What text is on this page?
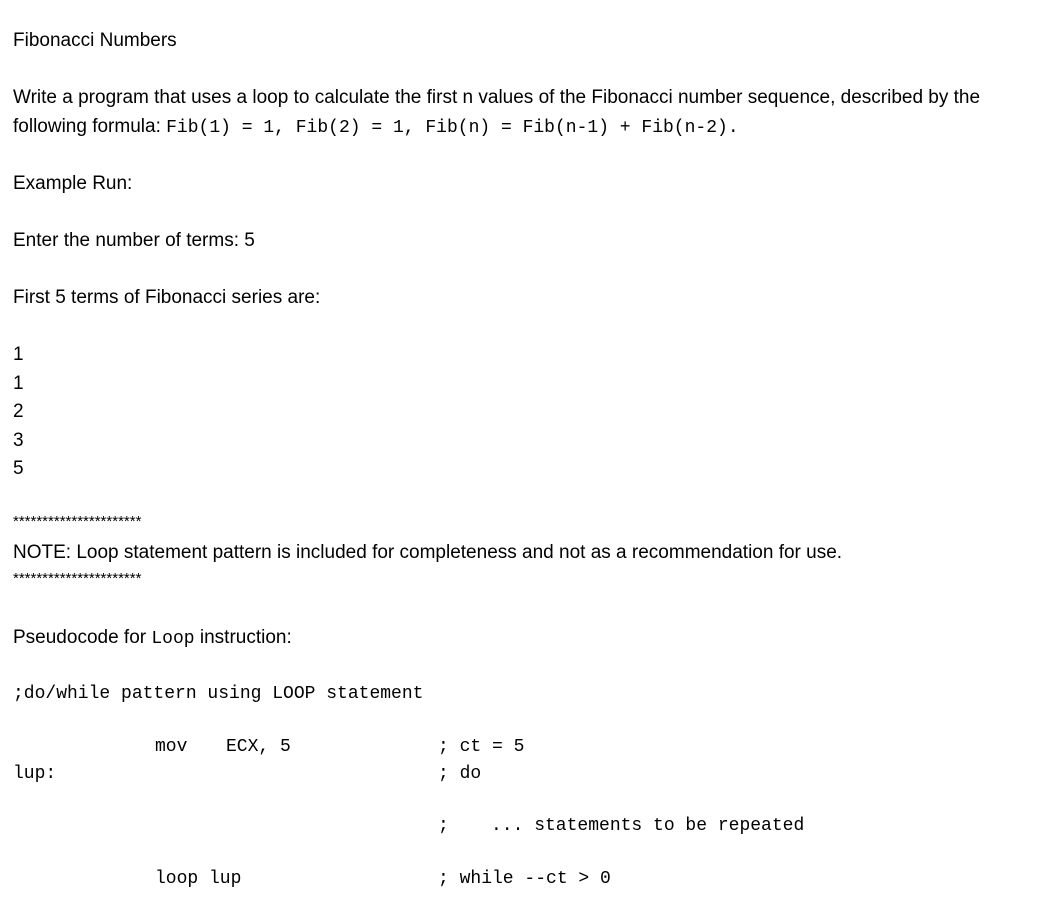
Fibonacci Numbers
Write a program that uses a loop to calculate the first n values of the Fibonacci number sequence, described by the
following formula: Fib(1) = 1, Fib(2) = 1, Fib(n) = Fib(n-1) + Fib(n-2).
Example Run:
Enter the number of terms: 5
First 5 terms of Fibonacci series are:
1
1
2
3
5
**********************
NOTE: Loop statement pattern is included for completeness and not as a recommendation for use.
**********************
Pseudocode for Loop instruction:
;do/while pattern using LOOP statement
mov ECX, 5	; ct = 5
lup:	; do
; ... statements to be repeated
loop lup	; while --ct > 0
